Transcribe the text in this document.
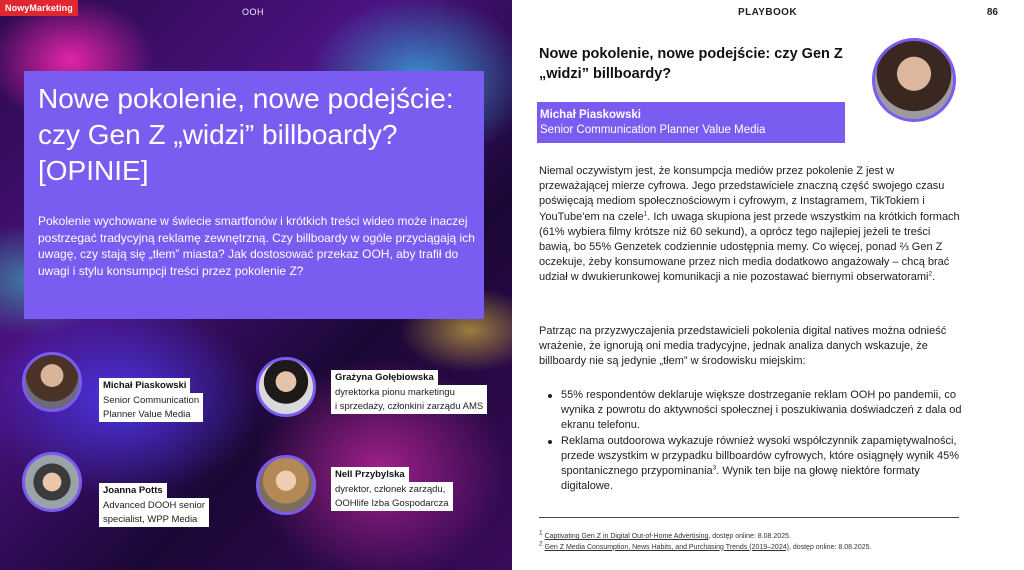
NowyMarketing	OOH
Nowe pokolenie, nowe podejście: czy Gen Z „widzi” billboardy? [OPINIE]

Pokolenie wychowane w świecie smartfonów i krótkich treści wideo może inaczej postrzegać tradycyjną reklamę zewnętrzną. Czy billboardy w ogóle przyciągają ich uwagę, czy stają się „tłem” miasta? Jak dostosować przekaz OOH, aby trafił do uwagi i stylu konsumpcji treści przez pokolenie Z?

Michał Piaskowski
Senior Communication
Planner Value Media
Grażyna Gołębiowska
dyrektorka pionu marketingu
i sprzedaży, członkini zarządu AMS
Joanna Potts
Advanced DOOH senior
specialist, WPP Media
Nell Przybylska
dyrektor, członek zarządu,
OOHlife Izba Gospodarcza
PLAYBOOK	86
Nowe pokolenie, nowe podejście: czy Gen Z „widzi” billboardy?
Michał Piaskowski
Senior Communication Planner Value Media

Niemal oczywistym jest, że konsumpcja mediów przez pokolenie Z jest w przeważającej mierze cyfrowa. Jego przedstawiciele znaczną część swojego czasu poświęcają mediom społecznościowym i cyfrowym, z Instagramem, TikTokiem i YouTube'em na czele$^1$. Ich uwaga skupiona jest przede wszystkim na krótkich formach (61% wybiera filmy krótsze niż 60 sekund), a oprócz tego najlepiej jeżeli te treści bawią, bo 55% Genzetek codziennie udostępnia memy. Co więcej, ponad ⅔ Gen Z oczekuje, żeby konsumowane przez nich media dodatkowo angażowały – chcą brać udział w dwukierunkowej komunikacji a nie pozostawać biernymi obserwatorami$^2$.

Patrząc na przyzwyczajenia przedstawicieli pokolenia digital natives można odnieść wrażenie, że ignorują oni media tradycyjne, jednak analiza danych wskazuje, że billboardy nie są jedynie „tłem” w środowisku miejskim:

55% respondentów deklaruje większe dostrzeganie reklam OOH po pandemii, co wynika z powrotu do aktywności społecznej i poszukiwania doświadczeń z dala od ekranu telefonu.
Reklama outdoorowa wykazuje również wysoki współczynnik zapamiętywalności, przede wszystkim w przypadku billboardów cyfrowych, które osiągnęły wynik 45% spontanicznego przypominania$^3$. Wynik ten bije na głowę niektóre formaty digitalowe.
$^1$ Captivating Gen Z in Digital Out-of-Home Advertising, dostęp online: 8.08.2025.
$^2$ Gen Z Media Consumption, News Habits, and Purchasing Trends (2019–2024), dostęp online: 8.08.2025.
